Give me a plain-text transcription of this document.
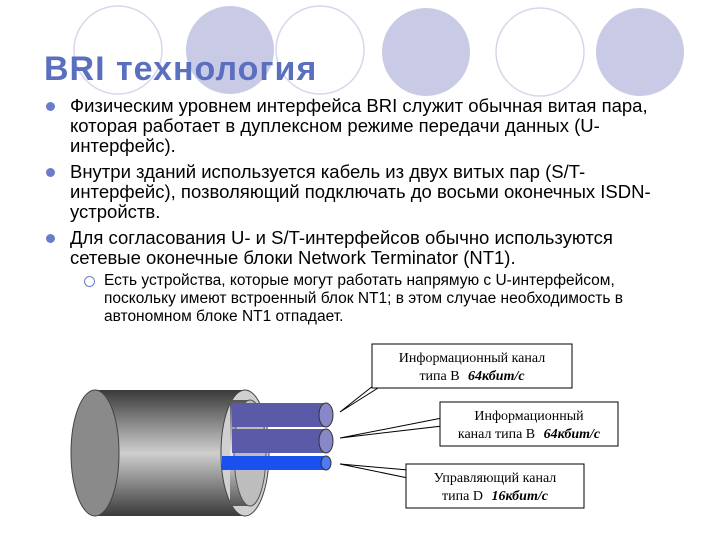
BRI технология
Физическим уровнем интерфейса BRI служит обычная витая пара, которая работает в дуплексном режиме передачи данных (U-интерфейс).
Внутри зданий используется кабель из двух витых пар (S/T-интерфейс), позволяющий подключать до восьми оконечных ISDN-устройств.
Для согласования U- и S/T-интерфейсов обычно используются сетевые оконечные блоки Network Terminator (NT1).
Есть устройства, которые могут работать напрямую с U-интерфейсом, поскольку имеют встроенный блок NT1; в этом случае необходимость в автономном блоке NT1 отпадает.
Информационный канал
типа B 64кбит/с
Информационный
канал типа B 64кбит/с
Управляющий канал
типа D 16кбит/с
